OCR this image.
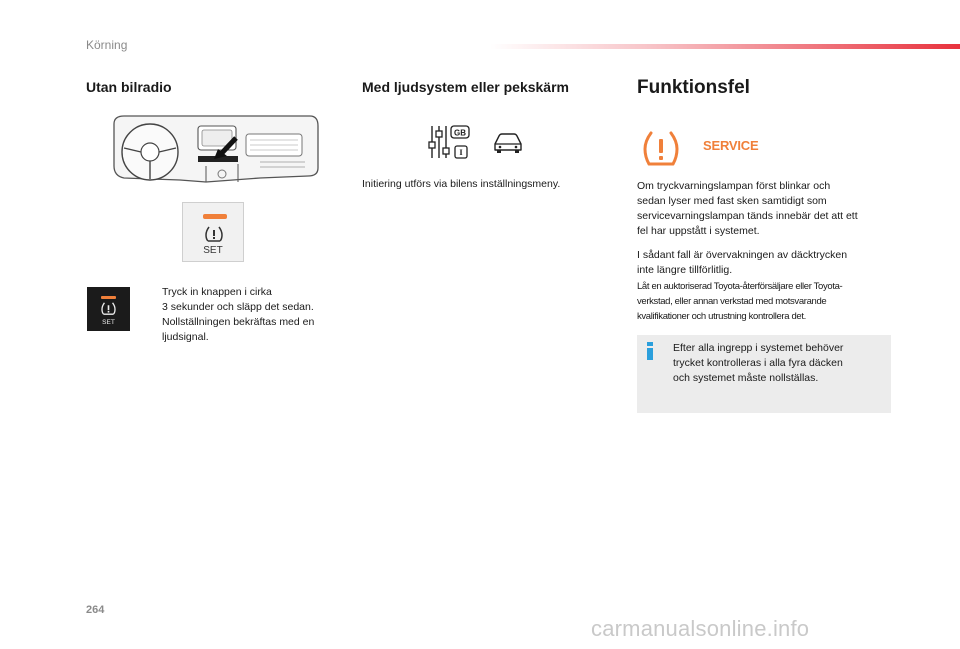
Körning
Utan bilradio
SET
SET
Tryck in knappen i cirka
3 sekunder och släpp det sedan.
Nollställningen bekräftas med en
ljudsignal.
Med ljudsystem eller pekskärm
GB
I
Initiering utförs via bilens inställningsmeny.
Funktionsfel
SERVICE
Om tryckvarningslampan först blinkar och
sedan lyser med fast sken samtidigt som
servicevarningslampan tänds innebär det att ett
fel har uppstått i systemet.
I sådant fall är övervakningen av däcktrycken
inte längre tillförlitlig.
Låt en auktoriserad Toyota-återförsäljare eller Toyota-
verkstad, eller annan verkstad med motsvarande
kvalifikationer och utrustning kontrollera det.
Efter alla ingrepp i systemet behöver
trycket kontrolleras i alla fyra däcken
och systemet måste nollställas.
264
carmanualsonline.info
